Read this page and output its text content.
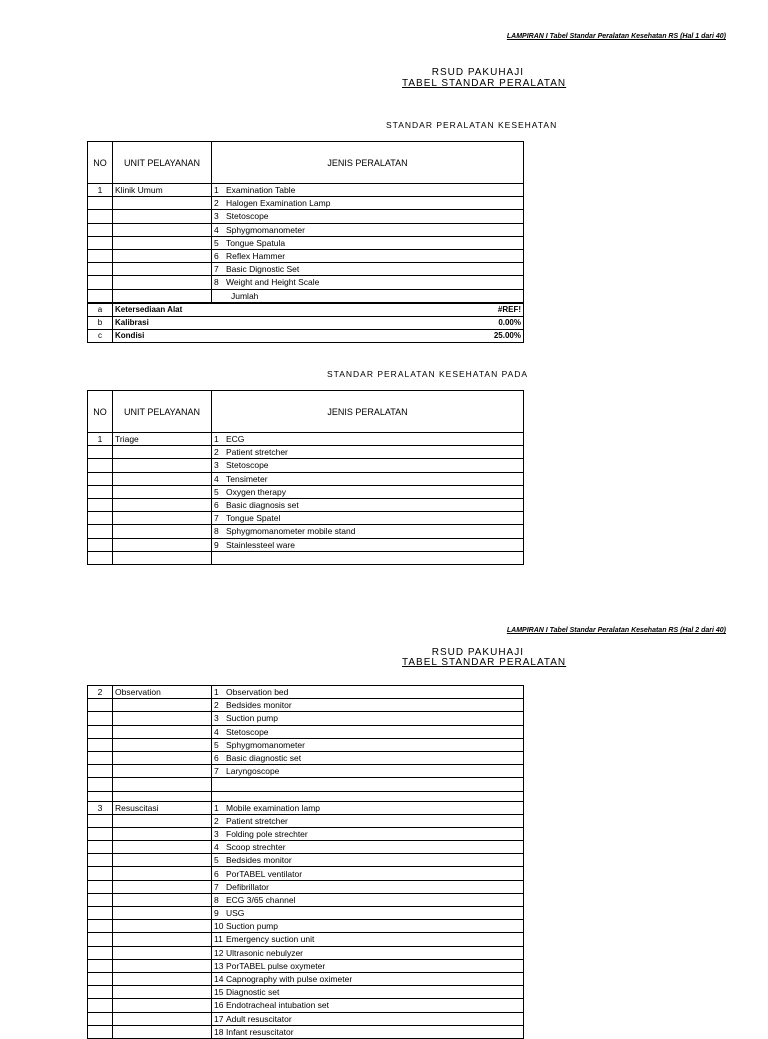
LAMPIRAN I Tabel Standar Peralatan Kesehatan RS (Hal 1 dari 40)
RSUD PAKUHAJI
TABEL STANDAR PERALATAN
STANDAR PERALATAN KESEHATAN
NO	UNIT PELAYANAN	JENIS PERALATAN
1	Klinik Umum	1 Examination Table
		2 Halogen Examination Lamp
		3 Stetoscope
		4 Sphygmomanometer
		5 Tongue Spatula
		6 Reflex Hammer
		7 Basic Dignostic Set
		8 Weight and Height Scale
		Jumlah
a	Ketersediaan Alat	#REF!
b	Kalibrasi	0.00%
c	Kondisi	25.00%
STANDAR PERALATAN KESEHATAN PADA
NO	UNIT PELAYANAN	JENIS PERALATAN
1	Triage	1 ECG
		2 Patient stretcher
		3 Stetoscope
		4 Tensimeter
		5 Oxygen therapy
		6 Basic diagnosis set
		7 Tongue Spatel
		8 Sphygmomanometer mobile stand
		9 Stainlessteel ware

LAMPIRAN I Tabel Standar Peralatan Kesehatan RS (Hal 2 dari 40)
RSUD PAKUHAJI
TABEL STANDAR PERALATAN
2	Observation	1 Observation bed
		2 Bedsides monitor
		3 Suction pump
		4 Stetoscope
		5 Sphygmomanometer
		6 Basic diagnostic set
		7 Laryngoscope

3	Resuscitasi	1 Mobile examination lamp
		2 Patient stretcher
		3 Folding pole strechter
		4 Scoop strechter
		5 Bedsides monitor
		6 PorTABEL ventilator
		7 Defibrillator
		8 ECG 3/65 channel
		9 USG
		10 Suction pump
		11 Emergency suction unit
		12 Ultrasonic nebulyzer
		13 PorTABEL pulse oxymeter
		14 Capnography with pulse oximeter
		15 Diagnostic set
		16 Endotracheal intubation set
		17 Adult resuscitator
		18 Infant resuscitator
